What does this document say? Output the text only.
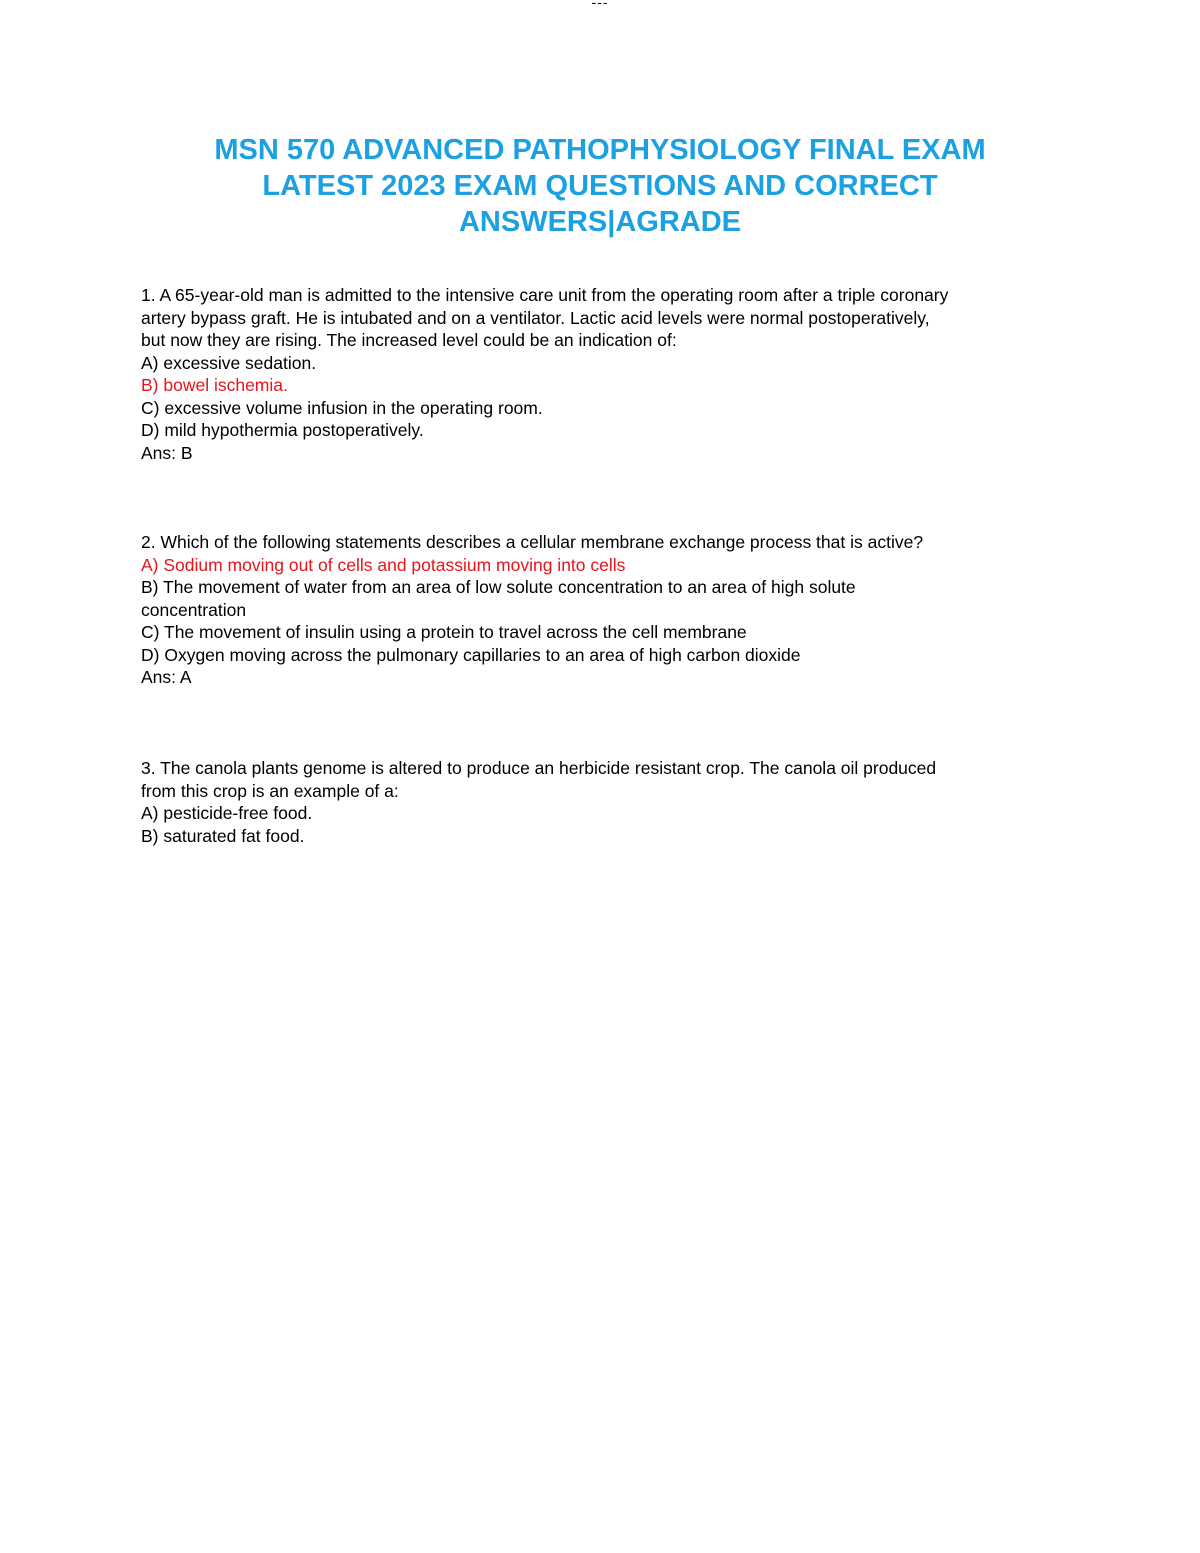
---
MSN 570 ADVANCED PATHOPHYSIOLOGY FINAL EXAM
LATEST 2023 EXAM QUESTIONS AND CORRECT
ANSWERS|AGRADE
1. A 65-year-old man is admitted to the intensive care unit from the operating room after a triple coronary
artery bypass graft. He is intubated and on a ventilator. Lactic acid levels were normal postoperatively,
but now they are rising. The increased level could be an indication of:
A) excessive sedation.
B) bowel ischemia.
C) excessive volume infusion in the operating room.
D) mild hypothermia postoperatively.
Ans: B
2. Which of the following statements describes a cellular membrane exchange process that is active?
A) Sodium moving out of cells and potassium moving into cells
B) The movement of water from an area of low solute concentration to an area of high solute
concentration
C) The movement of insulin using a protein to travel across the cell membrane
D) Oxygen moving across the pulmonary capillaries to an area of high carbon dioxide
Ans: A
3. The canola plants genome is altered to produce an herbicide resistant crop. The canola oil produced
from this crop is an example of a:
A) pesticide-free food.
B) saturated fat food.
